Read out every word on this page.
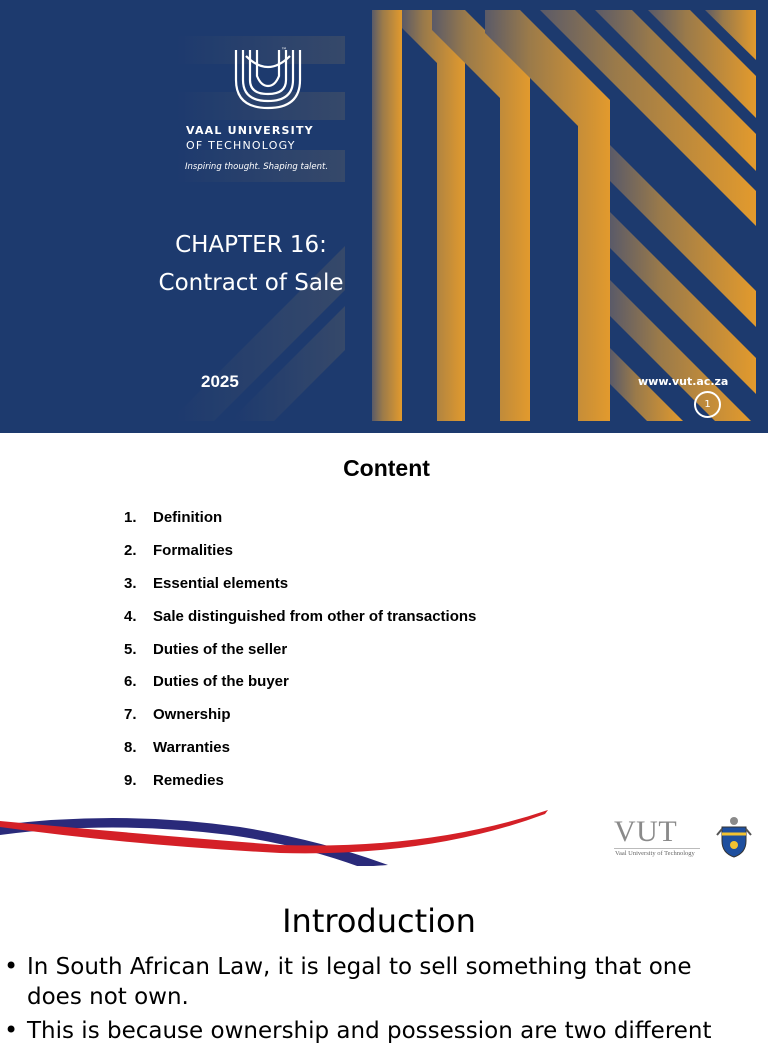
™
VAAL UNIVERSITY
OF TECHNOLOGY
Inspiring thought. Shaping talent.
CHAPTER 16:
Contract of Sale
2025	www.vut.ac.za
1
Content
1.	Definition
2.	Formalities
3.	Essential elements
4.	Sale distinguished from other of transactions
5.	Duties of the seller
6.	Duties of the buyer
7.	Ownership
8.	Warranties
9.	Remedies
VUT
Vaal University of Technology
Introduction
• In South African Law, it is legal to sell something that one does not own.
• This is because ownership and possession are two different
